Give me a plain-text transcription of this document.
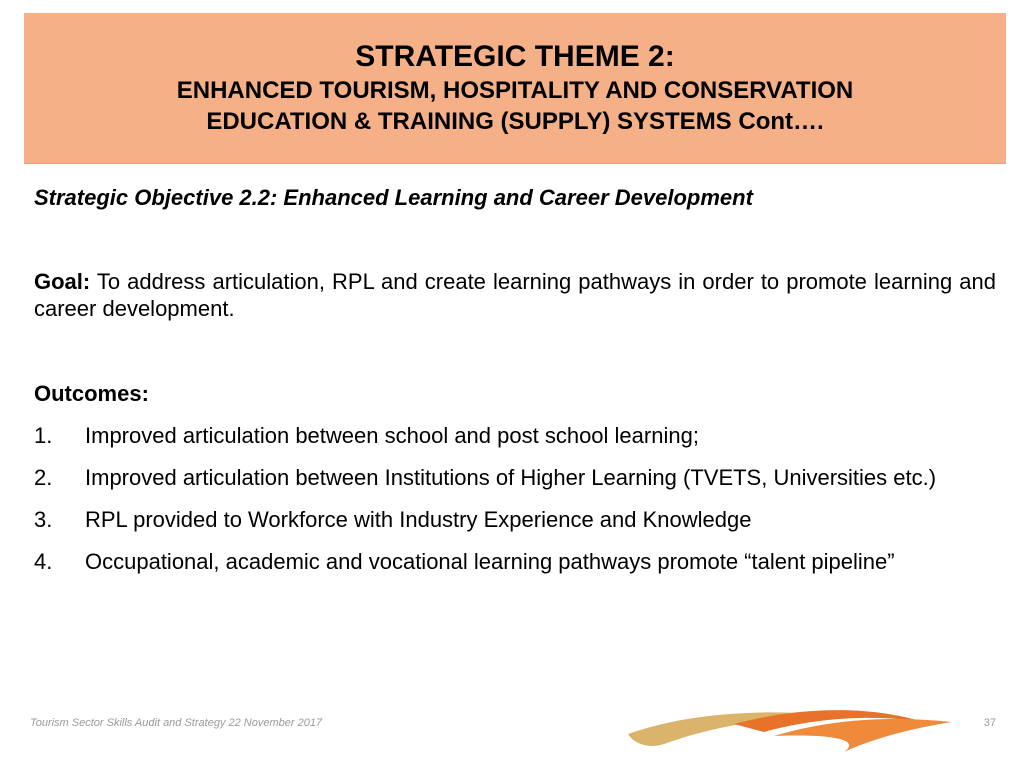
STRATEGIC THEME 2:
ENHANCED TOURISM, HOSPITALITY AND CONSERVATION
EDUCATION & TRAINING (SUPPLY) SYSTEMS Cont….
Strategic Objective 2.2: Enhanced Learning and Career Development
Goal: To address articulation, RPL and create learning pathways in order to promote learning and career development.
Outcomes:
1.	Improved articulation between school and post school learning;
2.	Improved articulation between Institutions of Higher Learning (TVETS, Universities etc.)
3.	RPL provided to Workforce with Industry Experience and Knowledge
4.	Occupational, academic and vocational learning pathways promote “talent pipeline”
Tourism Sector Skills Audit and Strategy 22 November 2017	37
